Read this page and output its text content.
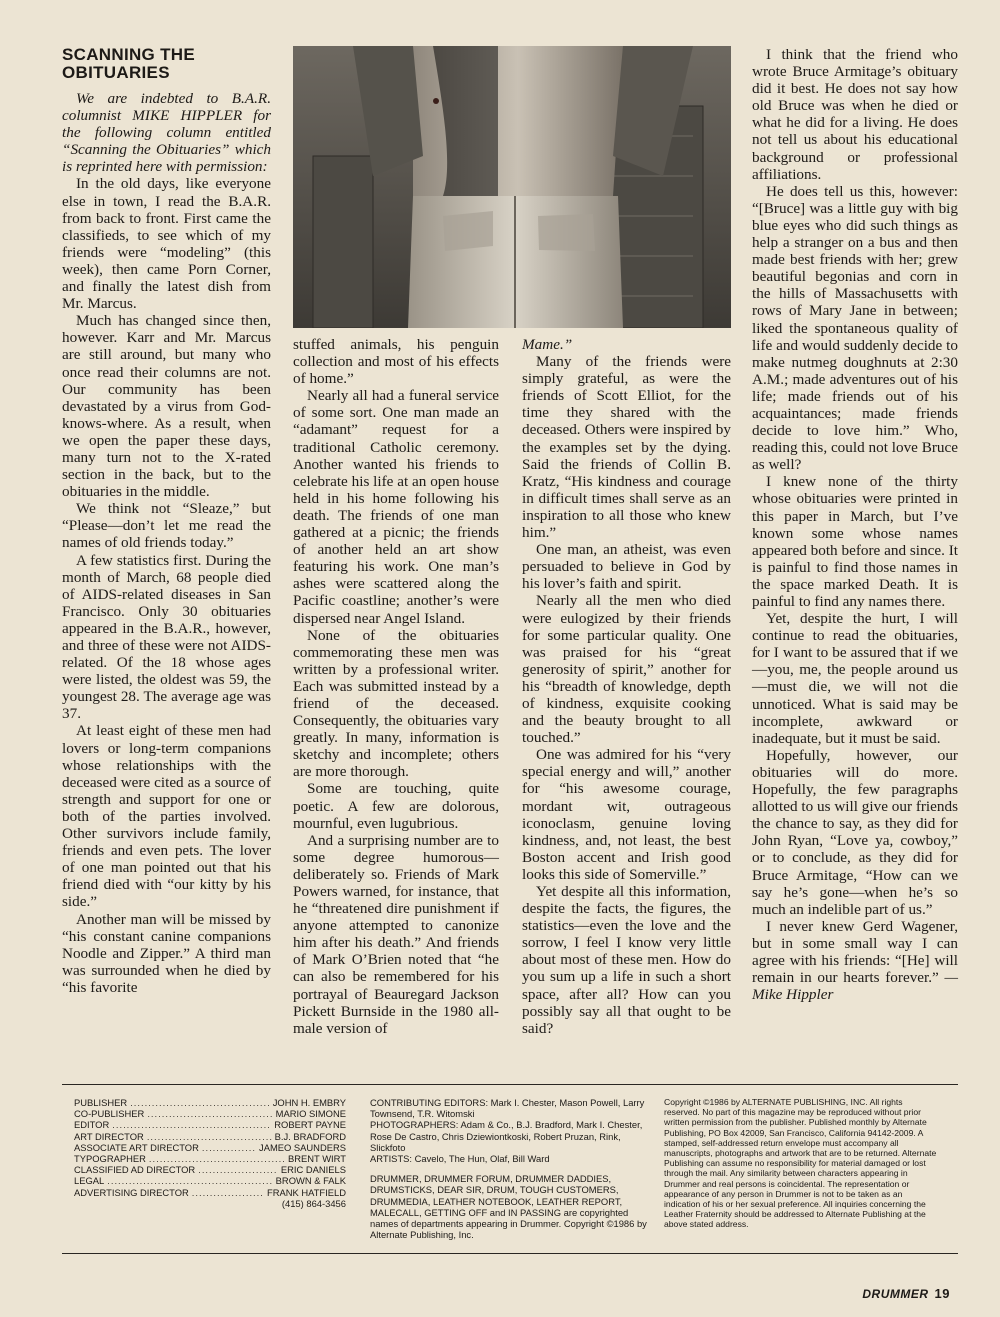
SCANNING THE
OBITUARIES

We are indebted to B.A.R. columnist MIKE HIPPLER for the following column entitled “Scanning the Obituaries” which is reprinted here with permission:

In the old days, like everyone else in town, I read the B.A.R. from back to front. First came the classifieds, to see which of my friends were “modeling” (this week), then came Porn Corner, and finally the latest dish from Mr. Marcus.

Much has changed since then, however. Karr and Mr. Marcus are still around, but many who once read their columns are not. Our community has been devastated by a virus from God-knows-where. As a result, when we open the paper these days, many turn not to the X-rated section in the back, but to the obituaries in the middle.

We think not “Sleaze,” but “Please—don’t let me read the names of old friends today.”

A few statistics first. During the month of March, 68 people died of AIDS-related diseases in San Francisco. Only 30 obituaries appeared in the B.A.R., however, and three of these were not AIDS-related. Of the 18 whose ages were listed, the oldest was 59, the youngest 28. The average age was 37.

At least eight of these men had lovers or long-term companions whose relationships with the deceased were cited as a source of strength and support for one or both of the parties involved. Other survivors include family, friends and even pets. The lover of one man pointed out that his friend died with “our kitty by his side.”

Another man will be missed by “his constant canine companions Noodle and Zipper.” A third man was surrounded when he died by “his favorite

stuffed animals, his penguin collection and most of his effects of home.”

Nearly all had a funeral service of some sort. One man made an “adamant” request for a traditional Catholic ceremony. Another wanted his friends to celebrate his life at an open house held in his home following his death. The friends of one man gathered at a picnic; the friends of another held an art show featuring his work. One man’s ashes were scattered along the Pacific coastline; another’s were dispersed near Angel Island.

None of the obituaries commemorating these men was written by a professional writer. Each was submitted instead by a friend of the deceased. Consequently, the obituaries vary greatly. In many, information is sketchy and incomplete; others are more thorough.

Some are touching, quite poetic. A few are dolorous, mournful, even lugubrious.

And a surprising number are to some degree humorous—deliberately so. Friends of Mark Powers warned, for instance, that he “threatened dire punishment if anyone attempted to canonize him after his death.” And friends of Mark O’Brien noted that “he can also be remembered for his portrayal of Beauregard Jackson Pickett Burnside in the 1980 all-male version of

Mame.”

Many of the friends were simply grateful, as were the friends of Scott Elliot, for the time they shared with the deceased. Others were inspired by the examples set by the dying. Said the friends of Collin B. Kratz, “His kindness and courage in difficult times shall serve as an inspiration to all those who knew him.”

One man, an atheist, was even persuaded to believe in God by his lover’s faith and spirit.

Nearly all the men who died were eulogized by their friends for some particular quality. One was praised for his “great generosity of spirit,” another for his “breadth of knowledge, depth of kindness, exquisite cooking and the beauty brought to all touched.”

One was admired for his “very special energy and will,” another for “his awesome courage, mordant wit, outrageous iconoclasm, genuine loving kindness, and, not least, the best Boston accent and Irish good looks this side of Somerville.”

Yet despite all this information, despite the facts, the figures, the statistics—even the love and the sorrow, I feel I know very little about most of these men. How do you sum up a life in such a short space, after all? How can you possibly say all that ought to be said?

I think that the friend who wrote Bruce Armitage’s obituary did it best. He does not say how old Bruce was when he died or what he did for a living. He does not tell us about his educational background or professional affiliations.

He does tell us this, however: “[Bruce] was a little guy with big blue eyes who did such things as help a stranger on a bus and then made best friends with her; grew beautiful begonias and corn in the hills of Massachusetts with rows of Mary Jane in between; liked the spontaneous quality of life and would suddenly decide to make nutmeg doughnuts at 2:30 A.M.; made adventures out of his life; made friends out of his acquaintances; made friends decide to love him.” Who, reading this, could not love Bruce as well?

I knew none of the thirty whose obituaries were printed in this paper in March, but I’ve known some whose names appeared both before and since. It is painful to find those names in the space marked Death. It is painful to find any names there.

Yet, despite the hurt, I will continue to read the obituaries, for I want to be assured that if we—you, me, the people around us—must die, we will not die unnoticed. What is said may be incomplete, awkward or inadequate, but it must be said.

Hopefully, however, our obituaries will do more. Hopefully, the few paragraphs allotted to us will give our friends the chance to say, as they did for John Ryan, “Love ya, cowboy,” or to conclude, as they did for Bruce Armitage, “How can we say he’s gone—when he’s so much an indelible part of us.”

I never knew Gerd Wagener, but in some small way I can agree with his friends: “[He] will remain in our hearts forever.” —Mike Hippler

PUBLISHER .....	JOHN H. EMBRY
CO-PUBLISHER .....	MARIO SIMONE
EDITOR .....	ROBERT PAYNE
ART DIRECTOR .....	B.J. BRADFORD
ASSOCIATE ART DIRECTOR .....	JAMEO SAUNDERS
TYPOGRAPHER .....	BRENT WIRT
CLASSIFIED AD DIRECTOR .....	ERIC DANIELS
LEGAL .....	BROWN & FALK
ADVERTISING DIRECTOR .....	FRANK HATFIELD
(415) 864-3456
CONTRIBUTING EDITORS: Mark I. Chester, Mason Powell, Larry Townsend, T.R. Witomski
PHOTOGRAPHERS: Adam & Co., B.J. Bradford, Mark I. Chester, Rose De Castro, Chris Dziewiontkoski, Robert Pruzan, Rink, Slickfoto
ARTISTS: Cavelo, The Hun, Olaf, Bill Ward
DRUMMER, DRUMMER FORUM, DRUMMER DADDIES, DRUMSTICKS, DEAR SIR, DRUM, TOUGH CUSTOMERS, DRUMMEDIA, LEATHER NOTEBOOK, LEATHER REPORT, MALECALL, GETTING OFF and IN PASSING are copyrighted names of departments appearing in Drummer. Copyright ©1986 by Alternate Publishing, Inc.
Copyright ©1986 by ALTERNATE PUBLISHING, INC. All rights reserved. No part of this magazine may be reproduced without prior written permission from the publisher. Published monthly by Alternate Publishing, PO Box 42009, San Francisco, California 94142-2009. A stamped, self-addressed return envelope must accompany all manuscripts, photographs and artwork that are to be returned. Alternate Publishing can assume no responsibility for material damaged or lost through the mail. Any similarity between characters appearing in Drummer and real persons is coincidental. The representation or appearance of any person in Drummer is not to be taken as an indication of his or her sexual preference. All inquiries concerning the Leather Fraternity should be addressed to Alternate Publishing at the above stated address.
DRUMMER 19
